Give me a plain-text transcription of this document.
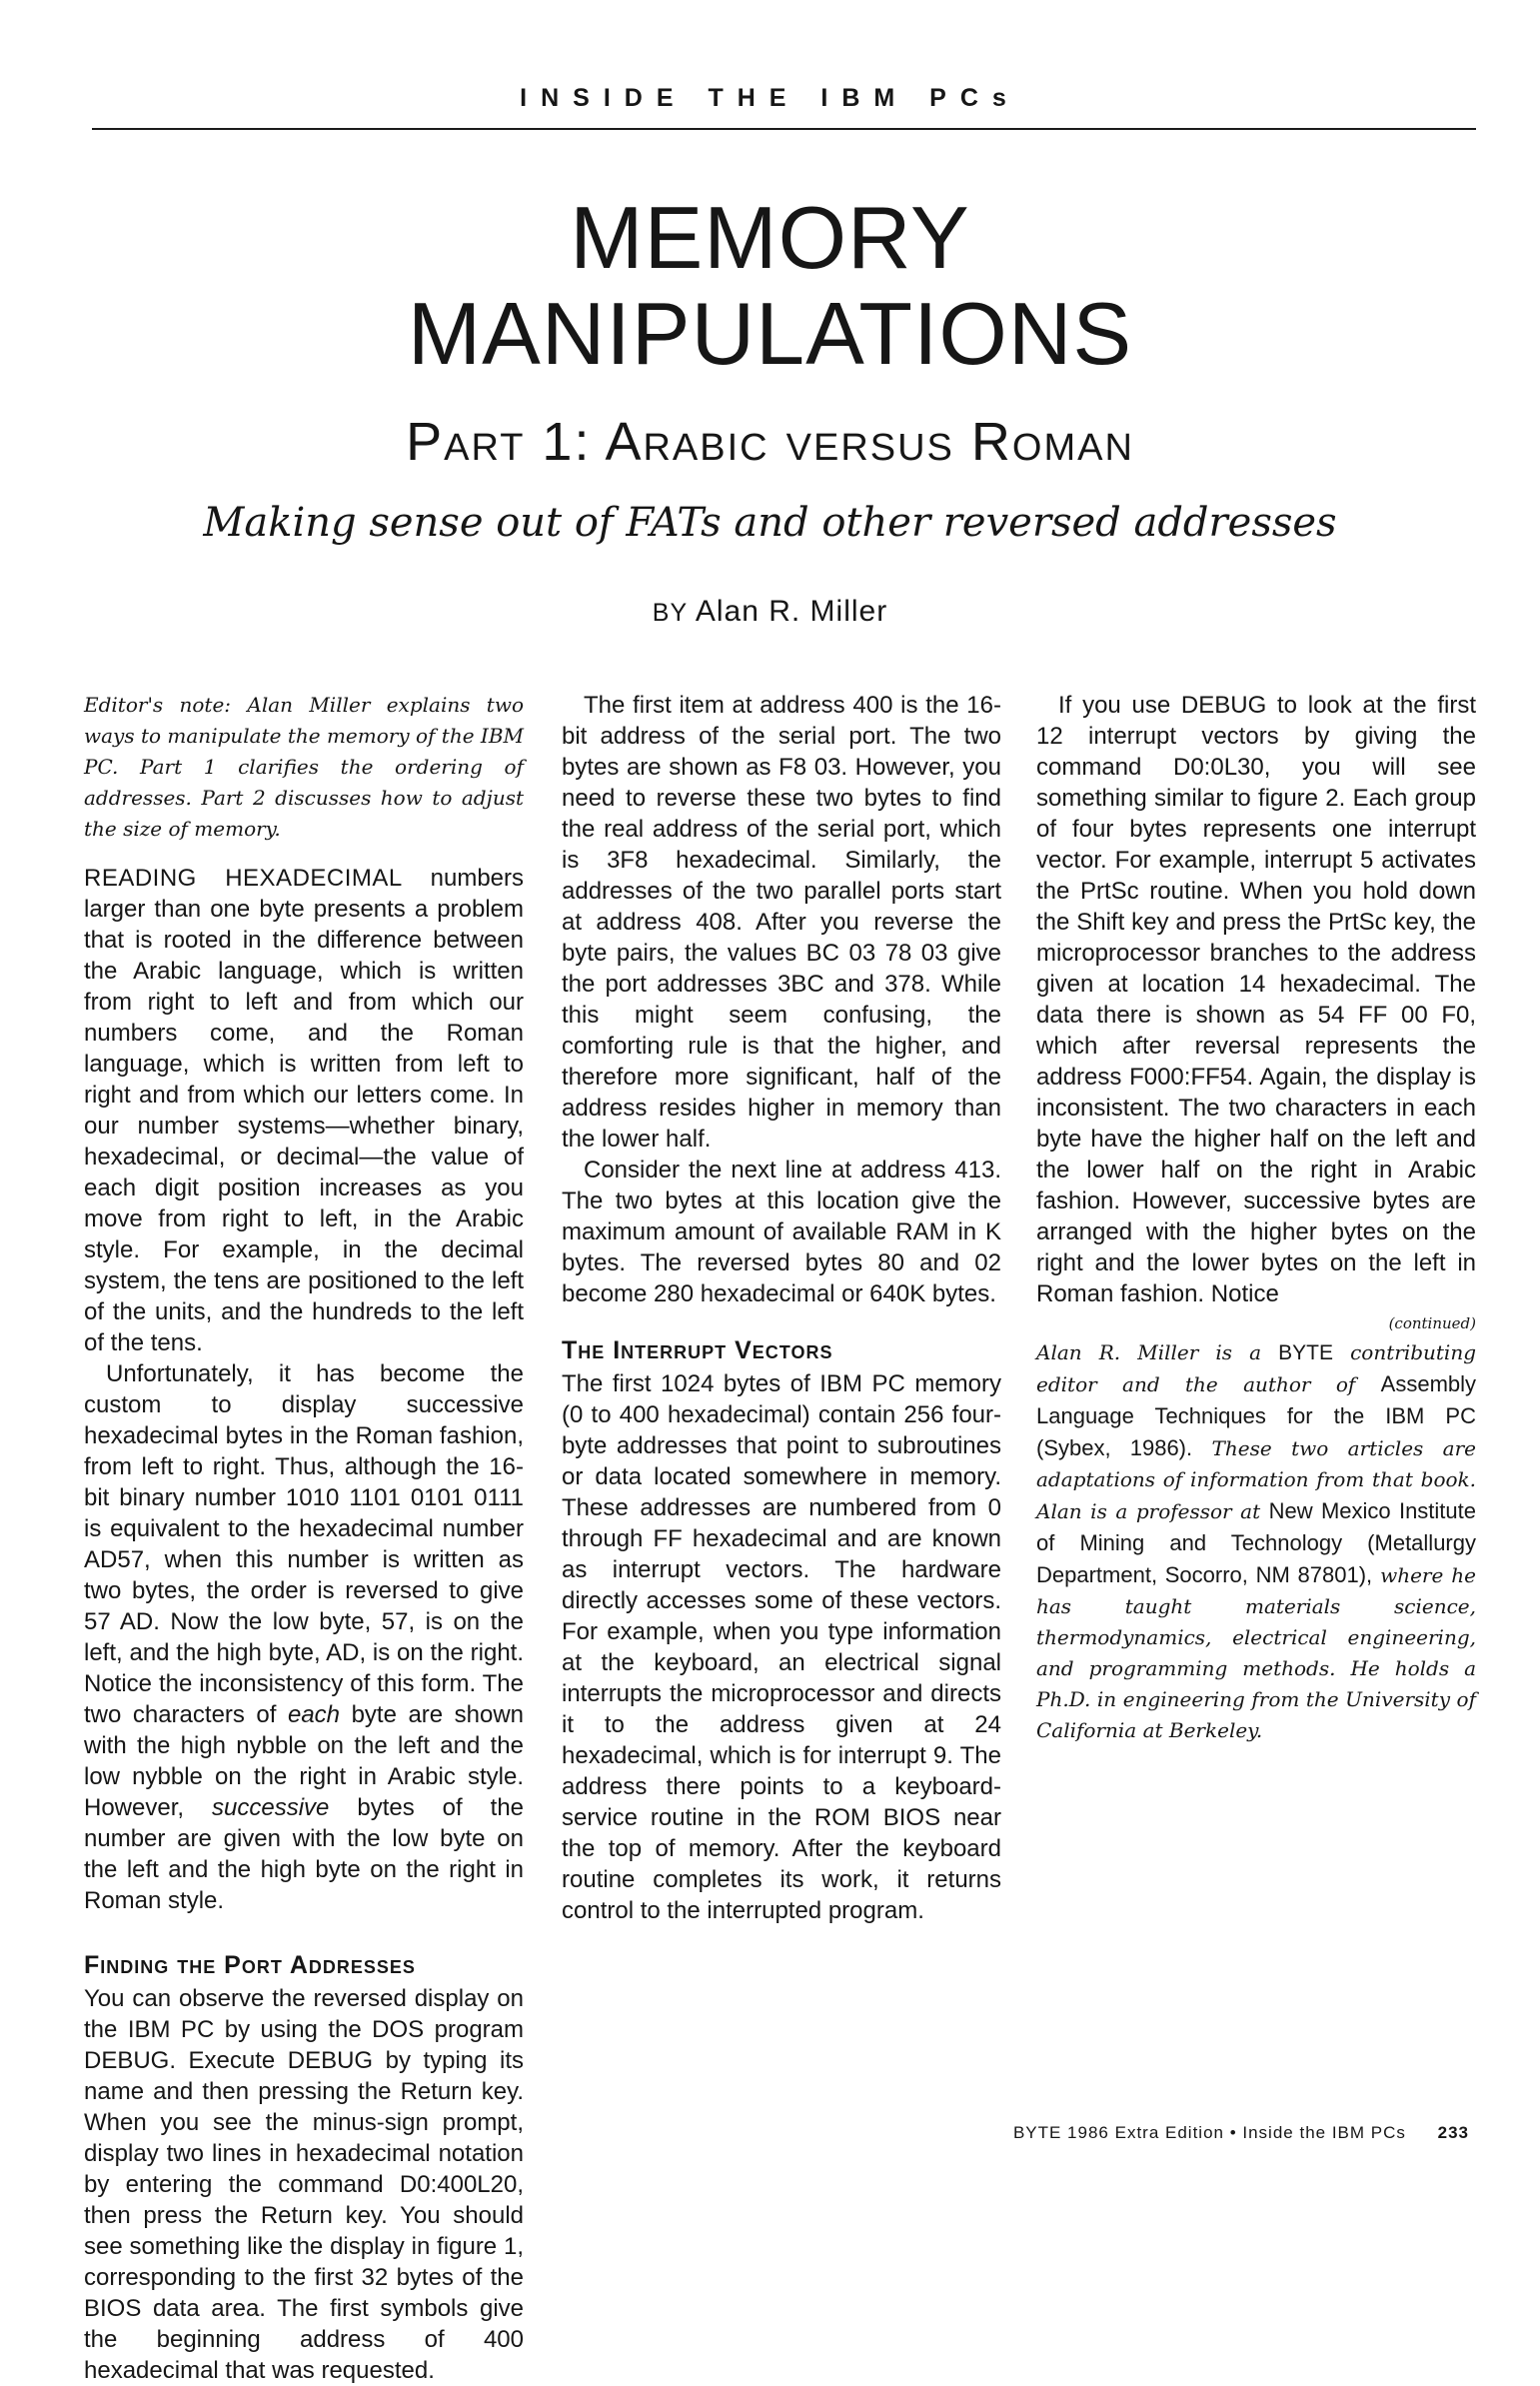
INSIDE THE IBM PCs
MEMORY
MANIPULATIONS
Part 1: Arabic versus Roman
Making sense out of FATs and other reversed addresses
BY Alan R. Miller

Editor's note: Alan Miller explains two ways to manipulate the memory of the IBM PC. Part 1 clarifies the ordering of addresses. Part 2 discusses how to adjust the size of memory.

READING HEXADECIMAL numbers larger than one byte presents a problem that is rooted in the difference between the Arabic language, which is written from right to left and from which our numbers come, and the Roman language, which is written from left to right and from which our letters come. In our number systems—whether binary, hexadecimal, or decimal—the value of each digit position increases as you move from right to left, in the Arabic style. For example, in the decimal system, the tens are positioned to the left of the units, and the hundreds to the left of the tens.

Unfortunately, it has become the custom to display successive hexadecimal bytes in the Roman fashion, from left to right. Thus, although the 16-bit binary number 1010 1101 0101 0111 is equivalent to the hexadecimal number AD57, when this number is written as two bytes, the order is reversed to give 57 AD. Now the low byte, 57, is on the left, and the high byte, AD, is on the right. Notice the inconsistency of this form. The two characters of each byte are shown with the high nybble on the left and the low nybble on the right in Arabic style. However, successive bytes of the number are given with the low byte on the left and the high byte on the right in Roman style.

Finding the Port Addresses

You can observe the reversed display on the IBM PC by using the DOS program DEBUG. Execute DEBUG by typing its name and then pressing the Return key. When you see the minus-sign prompt, display two lines in hexadecimal notation by entering the command D0:400L20, then press the Return key. You should see something like the display in figure 1, corresponding to the first 32 bytes of the BIOS data area. The first symbols give the beginning address of 400 hexadecimal that was requested.

The first item at address 400 is the 16-bit address of the serial port. The two bytes are shown as F8 03. However, you need to reverse these two bytes to find the real address of the serial port, which is 3F8 hexadecimal. Similarly, the addresses of the two parallel ports start at address 408. After you reverse the byte pairs, the values BC 03 78 03 give the port addresses 3BC and 378. While this might seem confusing, the comforting rule is that the higher, and therefore more significant, half of the address resides higher in memory than the lower half.

Consider the next line at address 413. The two bytes at this location give the maximum amount of available RAM in K bytes. The reversed bytes 80 and 02 become 280 hexadecimal or 640K bytes.

The Interrupt Vectors

The first 1024 bytes of IBM PC memory (0 to 400 hexadecimal) contain 256 four-byte addresses that point to subroutines or data located somewhere in memory. These addresses are numbered from 0 through FF hexadecimal and are known as interrupt vectors. The hardware directly accesses some of these vectors. For example, when you type information at the keyboard, an electrical signal interrupts the microprocessor and directs it to the address given at 24 hexadecimal, which is for interrupt 9. The address there points to a keyboard-service routine in the ROM BIOS near the top of memory. After the keyboard routine completes its work, it returns control to the interrupted program.

If you use DEBUG to look at the first 12 interrupt vectors by giving the command D0:0L30, you will see something similar to figure 2. Each group of four bytes represents one interrupt vector. For example, interrupt 5 activates the PrtSc routine. When you hold down the Shift key and press the PrtSc key, the microprocessor branches to the address given at location 14 hexadecimal. The data there is shown as 54 FF 00 F0, which after reversal represents the address F000:FF54. Again, the display is inconsistent. The two characters in each byte have the higher half on the left and the lower half on the right in Arabic fashion. However, successive bytes are arranged with the higher bytes on the right and the lower bytes on the left in Roman fashion. Notice

(continued)

Alan R. Miller is a BYTE contributing editor and the author of Assembly Language Techniques for the IBM PC (Sybex, 1986). These two articles are adaptations of information from that book. Alan is a professor at New Mexico Institute of Mining and Technology (Metallurgy Department, Socorro, NM 87801), where he has taught materials science, thermodynamics, electrical engineering, and programming methods. He holds a Ph.D. in engineering from the University of California at Berkeley.

BYTE 1986 Extra Edition • Inside the IBM PCs 233
